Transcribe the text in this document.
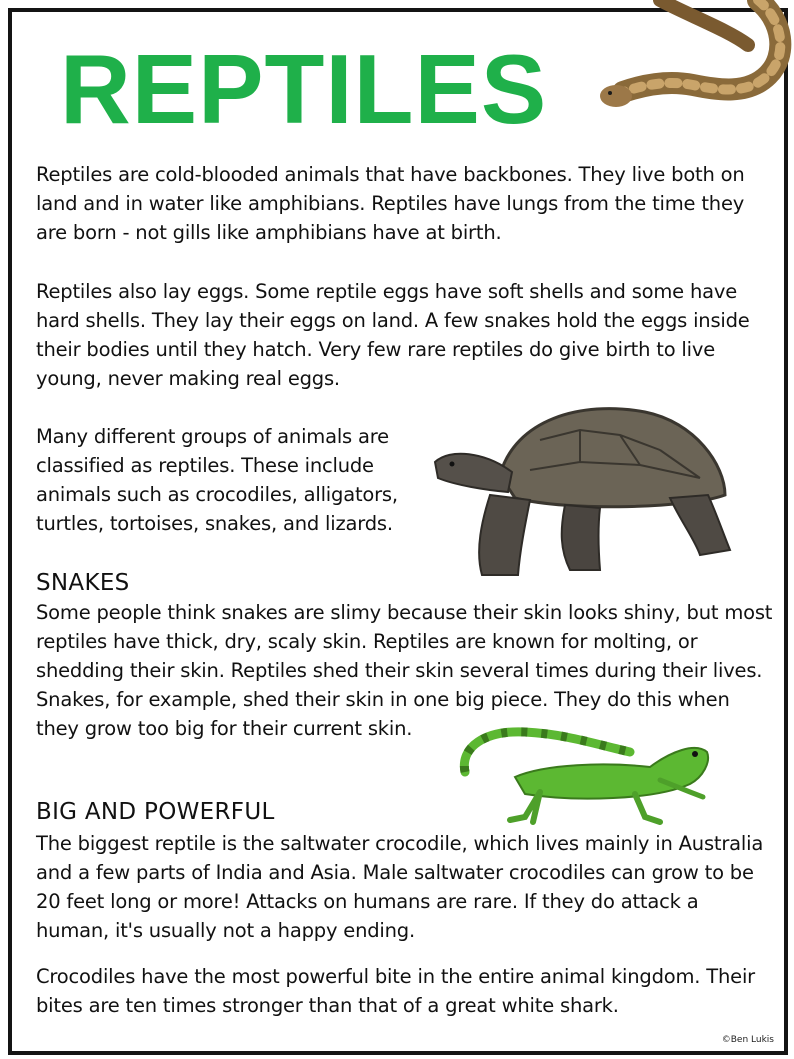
REPTILES

Reptiles are cold-blooded animals that have backbones. They live both on land and in water like amphibians. Reptiles have lungs from the time they are born - not gills like amphibians have at birth.

Reptiles also lay eggs. Some reptile eggs have soft shells and some have hard shells. They lay their eggs on land. A few snakes hold the eggs inside their bodies until they hatch. Very few rare reptiles do give birth to live young, never making real eggs.

Many different groups of animals are classified as reptiles. These include animals such as crocodiles, alligators, turtles, tortoises, snakes, and lizards.

SNAKES

Some people think snakes are slimy because their skin looks shiny, but most reptiles have thick, dry, scaly skin. Reptiles are known for molting, or shedding their skin. Reptiles shed their skin several times during their lives. Snakes, for example, shed their skin in one big piece. They do this when they grow too big for their current skin.

BIG AND POWERFUL

The biggest reptile is the saltwater crocodile, which lives mainly in Australia and a few parts of India and Asia. Male saltwater crocodiles can grow to be 20 feet long or more! Attacks on humans are rare. If they do attack a human, it's usually not a happy ending.

Crocodiles have the most powerful bite in the entire animal kingdom. Their bites are ten times stronger than that of a great white shark.

©Ben Lukis
